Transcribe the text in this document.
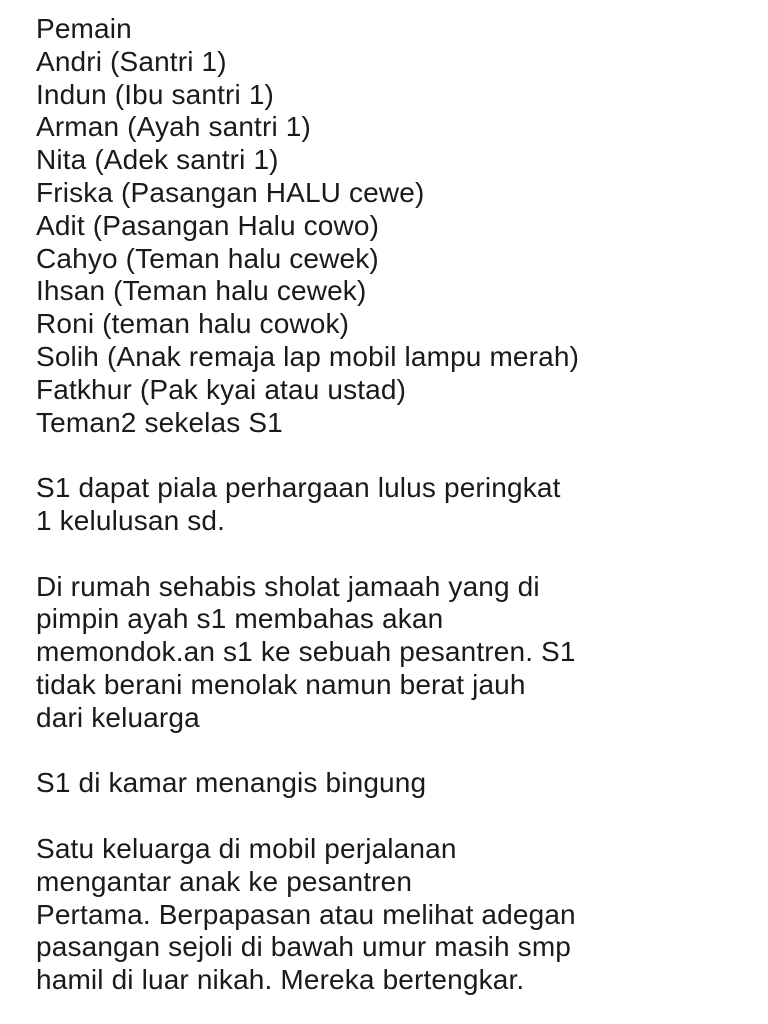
Pemain
Andri (Santri 1)
Indun (Ibu santri 1)
Arman (Ayah santri 1)
Nita (Adek santri 1)
Friska (Pasangan HALU cewe)
Adit (Pasangan Halu cowo)
Cahyo (Teman halu cewek)
Ihsan (Teman halu cewek)
Roni (teman halu cowok)
Solih (Anak remaja lap mobil lampu merah)
Fatkhur (Pak kyai atau ustad)
Teman2 sekelas S1
S1 dapat piala perhargaan lulus peringkat
1 kelulusan sd.
Di rumah sehabis sholat jamaah yang di
pimpin ayah s1 membahas akan
memondok.an s1 ke sebuah pesantren. S1
tidak berani menolak namun berat jauh
dari keluarga
S1 di kamar menangis bingung
Satu keluarga di mobil perjalanan
mengantar anak ke pesantren
Pertama. Berpapasan atau melihat adegan
pasangan sejoli di bawah umur masih smp
hamil di luar nikah. Mereka bertengkar.
